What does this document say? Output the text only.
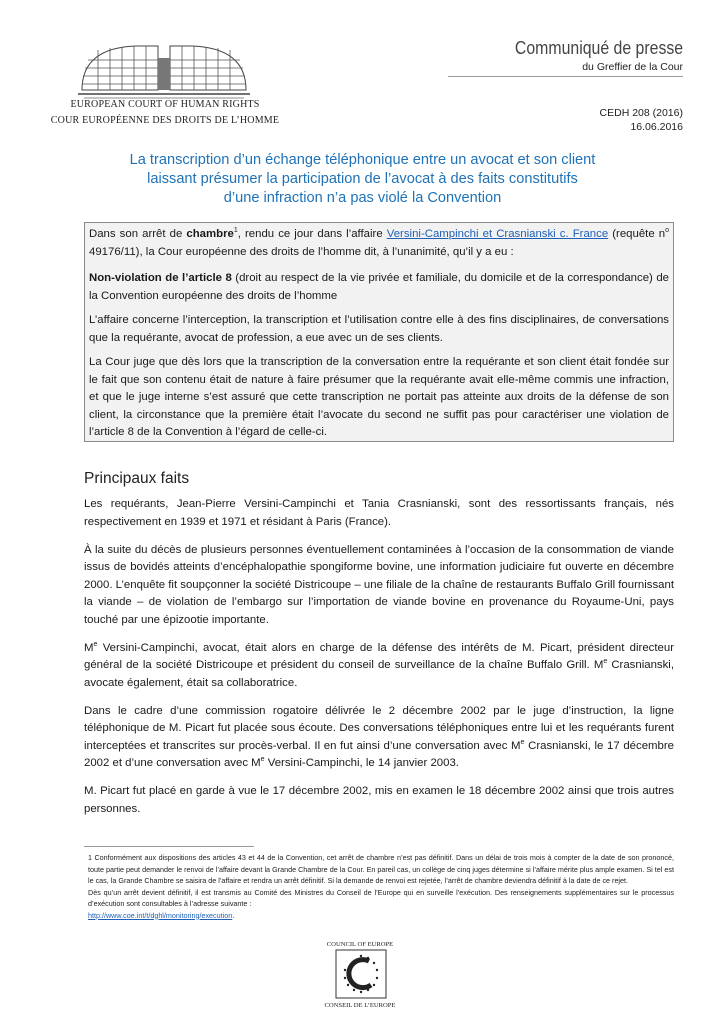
EUROPEAN COURT OF HUMAN RIGHTS
COUR EUROPÉENNE DES DROITS DE L’HOMME
Communiqué de presse
du Greffier de la Cour
CEDH 208 (2016)
16.06.2016
La transcription d’un échange téléphonique entre un avocat et son client
laissant présumer la participation de l’avocat à des faits constitutifs
d’une infraction n’a pas violé la Convention

Dans son arrêt de chambre$^1$, rendu ce jour dans l’affaire Versini-Campinchi et Crasnianski c. France (requête $n^o$ 49176/11), la Cour européenne des droits de l’homme dit, à l’unanimité, qu’il y a eu :

Non-violation de l’article 8 (droit au respect de la vie privée et familiale, du domicile et de la correspondance) de la Convention européenne des droits de l’homme

L’affaire concerne l’interception, la transcription et l’utilisation contre elle à des fins disciplinaires, de conversations que la requérante, avocat de profession, a eue avec un de ses clients.

La Cour juge que dès lors que la transcription de la conversation entre la requérante et son client était fondée sur le fait que son contenu était de nature à faire présumer que la requérante avait elle-même commis une infraction, et que le juge interne s’est assuré que cette transcription ne portait pas atteinte aux droits de la défense de son client, la circonstance que la première était l’avocate du second ne suffit pas pour caractériser une violation de l’article 8 de la Convention à l’égard de celle-ci.

Principaux faits

Les requérants, Jean-Pierre Versini-Campinchi et Tania Crasnianski, sont des ressortissants français, nés respectivement en 1939 et 1971 et résidant à Paris (France).

À la suite du décès de plusieurs personnes éventuellement contaminées à l’occasion de la consommation de viande issus de bovidés atteints d’encéphalopathie spongiforme bovine, une information judiciaire fut ouverte en décembre 2000. L’enquête fit soupçonner la société Districoupe – une filiale de la chaîne de restaurants Buffalo Grill fournissant la viande – de violation de l’embargo sur l’importation de viande bovine en provenance du Royaume-Uni, pays touché par une épizootie importante.

Me Versini-Campinchi, avocat, était alors en charge de la défense des intérêts de M. Picart, président directeur général de la société Districoupe et président du conseil de surveillance de la chaîne Buffalo Grill. Me Crasnianski, avocate également, était sa collaboratrice.

Dans le cadre d’une commission rogatoire délivrée le 2 décembre 2002 par le juge d’instruction, la ligne téléphonique de M. Picart fut placée sous écoute. Des conversations téléphoniques entre lui et les requérants furent interceptées et transcrites sur procès-verbal. Il en fut ainsi d’une conversation avec Me Crasnianski, le 17 décembre 2002 et d’une conversation avec Me Versini-Campinchi, le 14 janvier 2003.

M. Picart fut placé en garde à vue le 17 décembre 2002, mis en examen le 18 décembre 2002 ainsi que trois autres personnes.

1 Conformément aux dispositions des articles 43 et 44 de la Convention, cet arrêt de chambre n’est pas définitif. Dans un délai de trois mois à compter de la date de son prononcé, toute partie peut demander le renvoi de l’affaire devant la Grande Chambre de la Cour. En pareil cas, un collège de cinq juges détermine si l’affaire mérite plus ample examen. Si tel est le cas, la Grande Chambre se saisira de l’affaire et rendra un arrêt définitif. Si la demande de renvoi est rejetée, l’arrêt de chambre deviendra définitif à la date de ce rejet.

Dès qu’un arrêt devient définitif, il est transmis au Comité des Ministres du Conseil de l’Europe qui en surveille l’exécution. Des renseignements supplémentaires sur le processus d’exécution sont consultables à l’adresse suivante :
http://www.coe.int/t/dghl/monitoring/execution.

COUNCIL OF EUROPE
CONSEIL DE L’EUROPE
